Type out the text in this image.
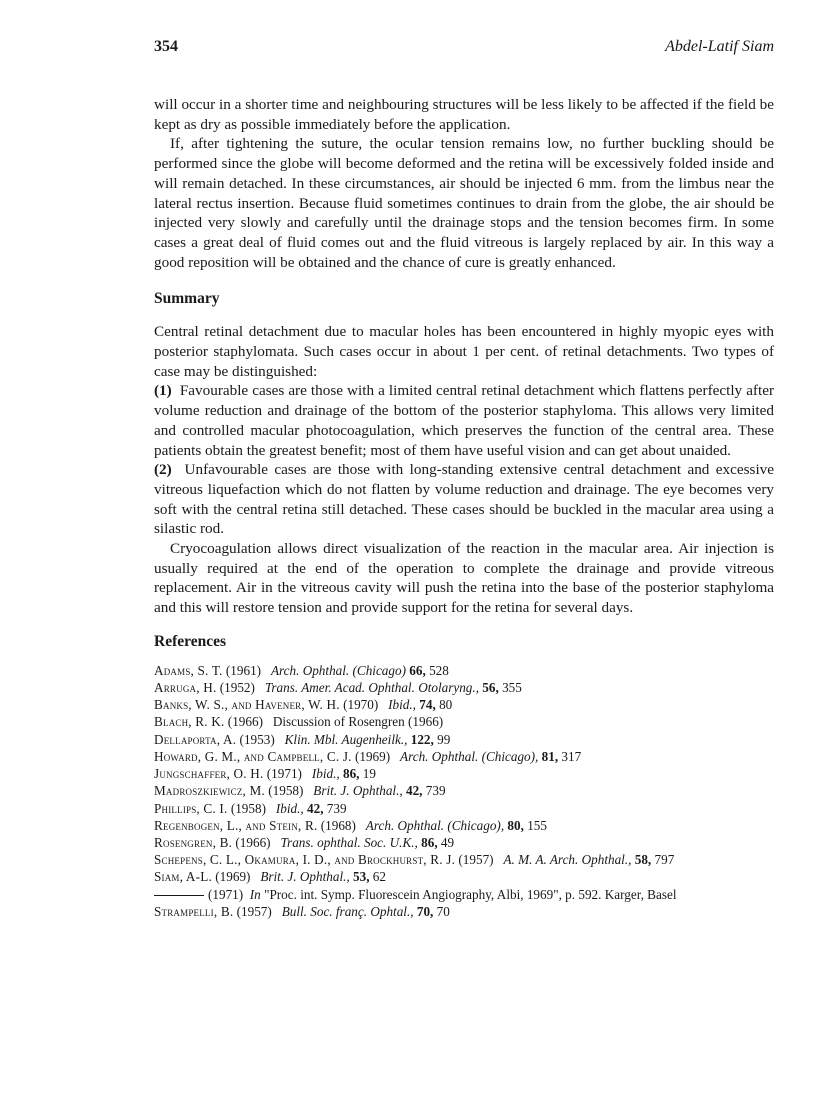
354	Abdel-Latif Siam

will occur in a shorter time and neighbouring structures will be less likely to be affected if the field be kept as dry as possible immediately before the application.

If, after tightening the suture, the ocular tension remains low, no further buckling should be performed since the globe will become deformed and the retina will be excessively folded inside and will remain detached. In these circumstances, air should be injected 6 mm. from the limbus near the lateral rectus insertion. Because fluid sometimes continues to drain from the globe, the air should be injected very slowly and carefully until the drainage stops and the tension becomes firm. In some cases a great deal of fluid comes out and the fluid vitreous is largely replaced by air. In this way a good reposition will be obtained and the chance of cure is greatly enhanced.

Summary

Central retinal detachment due to macular holes has been encountered in highly myopic eyes with posterior staphylomata. Such cases occur in about 1 per cent. of retinal detachments. Two types of case may be distinguished:

(1) Favourable cases are those with a limited central retinal detachment which flattens perfectly after volume reduction and drainage of the bottom of the posterior staphyloma. This allows very limited and controlled macular photocoagulation, which preserves the function of the central area. These patients obtain the greatest benefit; most of them have useful vision and can get about unaided.

(2) Unfavourable cases are those with long-standing extensive central detachment and excessive vitreous liquefaction which do not flatten by volume reduction and drainage. The eye becomes very soft with the central retina still detached. These cases should be buckled in the macular area using a silastic rod.

Cryocoagulation allows direct visualization of the reaction in the macular area. Air injection is usually required at the end of the operation to complete the drainage and provide vitreous replacement. Air in the vitreous cavity will push the retina into the base of the posterior staphyloma and this will restore tension and provide support for the retina for several days.

References
Adams, S. T. (1961) Arch. Ophthal. (Chicago) 66, 528
Arruga, H. (1952) Trans. Amer. Acad. Ophthal. Otolaryng., 56, 355
Banks, W. S., and Havener, W. H. (1970) Ibid., 74, 80
Blach, R. K. (1966) Discussion of Rosengren (1966)
Dellaporta, A. (1953) Klin. Mbl. Augenheilk., 122, 99
Howard, G. M., and Campbell, C. J. (1969) Arch. Ophthal. (Chicago), 81, 317
Jungschaffer, O. H. (1971) Ibid., 86, 19
Madroszkiewicz, M. (1958) Brit. J. Ophthal., 42, 739
Phillips, C. I. (1958) Ibid., 42, 739
Regenbogen, L., and Stein, R. (1968) Arch. Ophthal. (Chicago), 80, 155
Rosengren, B. (1966) Trans. ophthal. Soc. U.K., 86, 49
Schepens, C. L., Okamura, I. D., and Brockhurst, R. J. (1957) A. M. A. Arch. Ophthal., 58, 797
Siam, A-L. (1969) Brit. J. Ophthal., 53, 62
(1971) In "Proc. int. Symp. Fluorescein Angiography, Albi, 1969", p. 592. Karger, Basel
Strampelli, B. (1957) Bull. Soc. franç. Ophtal., 70, 70
